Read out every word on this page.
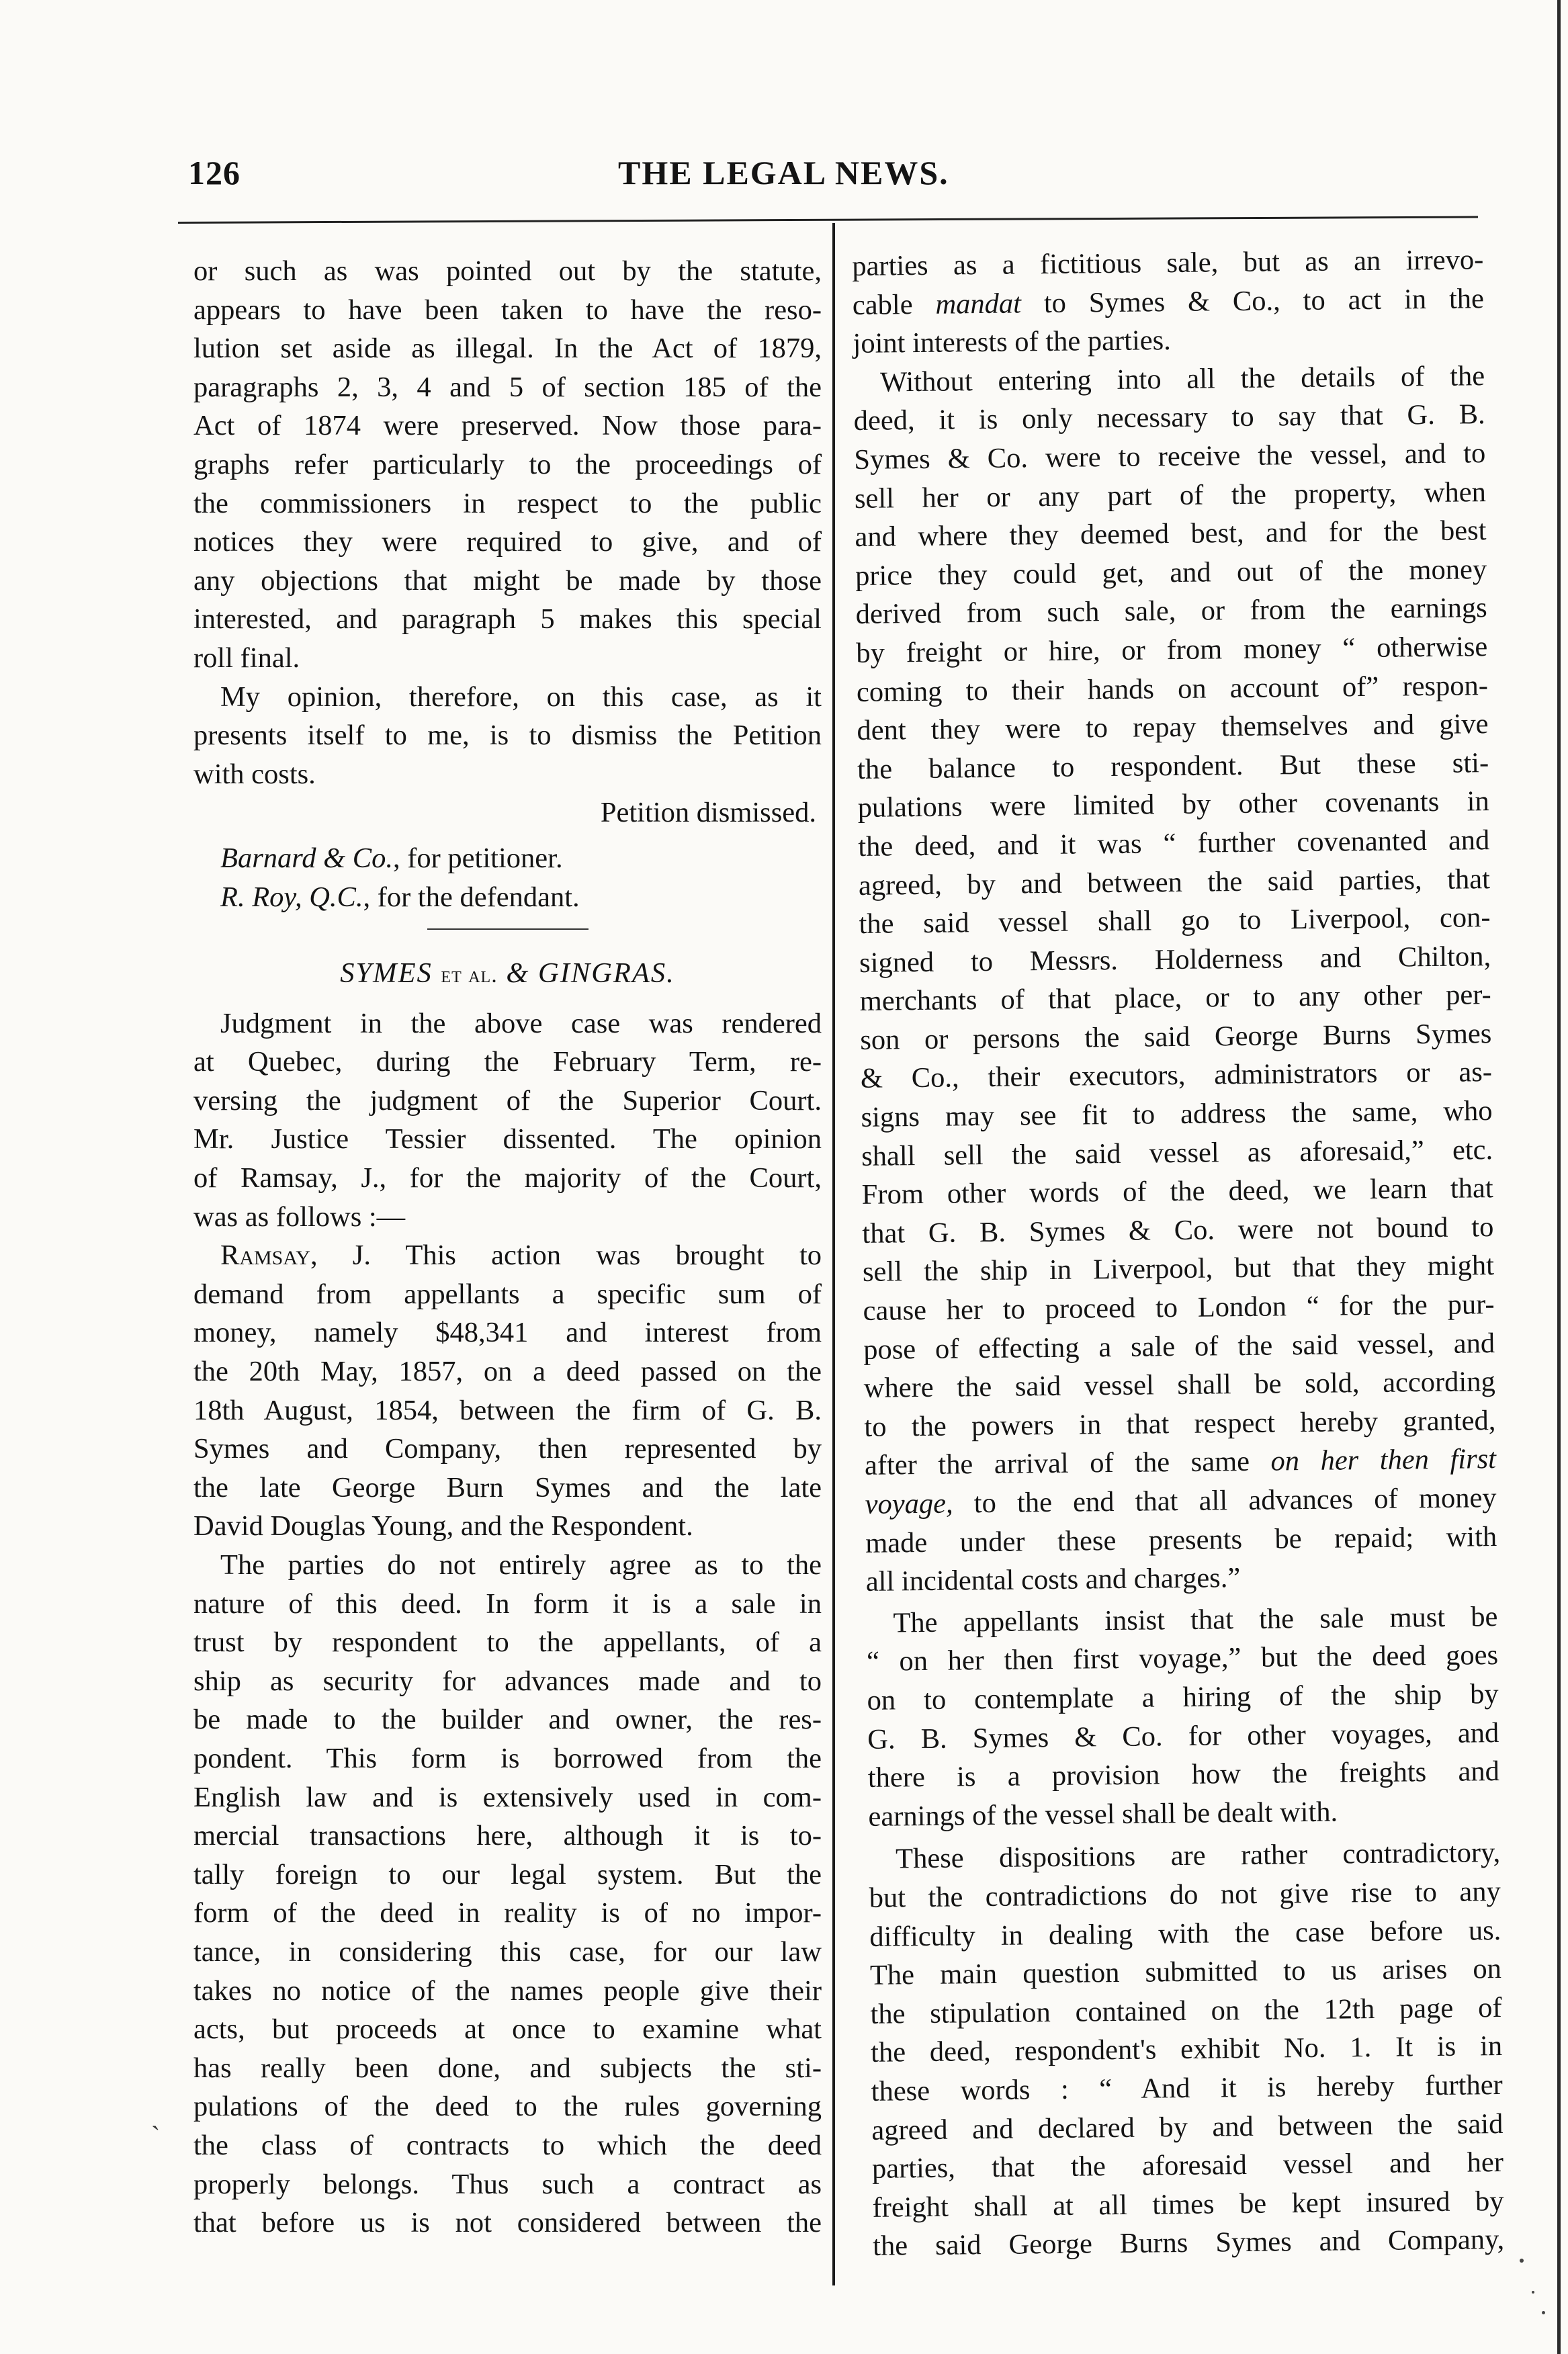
126	THE LEGAL NEWS.
or such as was pointed out by the statute,
appears to have been taken to have the reso-
lution set aside as illegal. In the Act of 1879,
paragraphs 2, 3, 4 and 5 of section 185 of the
Act of 1874 were preserved. Now those para-
graphs refer particularly to the proceedings of
the commissioners in respect to the public
notices they were required to give, and of
any objections that might be made by those
interested, and paragraph 5 makes this special
roll final.
My opinion, therefore, on this case, as it
presents itself to me, is to dismiss the Petition
with costs.
Petition dismissed.
Barnard & Co., for petitioner.
R. Roy, Q.C., for the defendant.
SYMES et al. & GINGRAS.
Judgment in the above case was rendered
at Quebec, during the February Term, re-
versing the judgment of the Superior Court.
Mr. Justice Tessier dissented. The opinion
of Ramsay, J., for the majority of the Court,
was as follows :—
Ramsay, J. This action was brought to
demand from appellants a specific sum of
money, namely $48,341 and interest from
the 20th May, 1857, on a deed passed on the
18th August, 1854, between the firm of G. B.
Symes and Company, then represented by
the late George Burn Symes and the late
David Douglas Young, and the Respondent.
The parties do not entirely agree as to the
nature of this deed. In form it is a sale in
trust by respondent to the appellants, of a
ship as security for advances made and to
be made to the builder and owner, the res-
pondent. This form is borrowed from the
English law and is extensively used in com-
mercial transactions here, although it is to-
tally foreign to our legal system. But the
form of the deed in reality is of no impor-
tance, in considering this case, for our law
takes no notice of the names people give their
acts, but proceeds at once to examine what
has really been done, and subjects the sti-
pulations of the deed to the rules governing
the class of contracts to which the deed
properly belongs. Thus such a contract as
that before us is not considered between the
parties as a fictitious sale, but as an irrevo-
cable mandat to Symes & Co., to act in the
joint interests of the parties.
Without entering into all the details of the
deed, it is only necessary to say that G. B.
Symes & Co. were to receive the vessel, and to
sell her or any part of the property, when
and where they deemed best, and for the best
price they could get, and out of the money
derived from such sale, or from the earnings
by freight or hire, or from money “ otherwise
coming to their hands on account of” respon-
dent they were to repay themselves and give
the balance to respondent. But these sti-
pulations were limited by other covenants in
the deed, and it was “ further covenanted and
agreed, by and between the said parties, that
the said vessel shall go to Liverpool, con-
signed to Messrs. Holderness and Chilton,
merchants of that place, or to any other per-
son or persons the said George Burns Symes
& Co., their executors, administrators or as-
signs may see fit to address the same, who
shall sell the said vessel as aforesaid,” etc.
From other words of the deed, we learn that
that G. B. Symes & Co. were not bound to
sell the ship in Liverpool, but that they might
cause her to proceed to London “ for the pur-
pose of effecting a sale of the said vessel, and
where the said vessel shall be sold, according
to the powers in that respect hereby granted,
after the arrival of the same on her then first
voyage, to the end that all advances of money
made under these presents be repaid; with
all incidental costs and charges.”
The appellants insist that the sale must be
“ on her then first voyage,” but the deed goes
on to contemplate a hiring of the ship by
G. B. Symes & Co. for other voyages, and
there is a provision how the freights and
earnings of the vessel shall be dealt with.
These dispositions are rather contradictory,
but the contradictions do not give rise to any
difficulty in dealing with the case before us.
The main question submitted to us arises on
the stipulation contained on the 12th page of
the deed, respondent's exhibit No. 1. It is in
these words : “ And it is hereby further
agreed and declared by and between the said
parties, that the aforesaid vessel and her
freight shall at all times be kept insured by
the said George Burns Symes and Company,
ˎ
